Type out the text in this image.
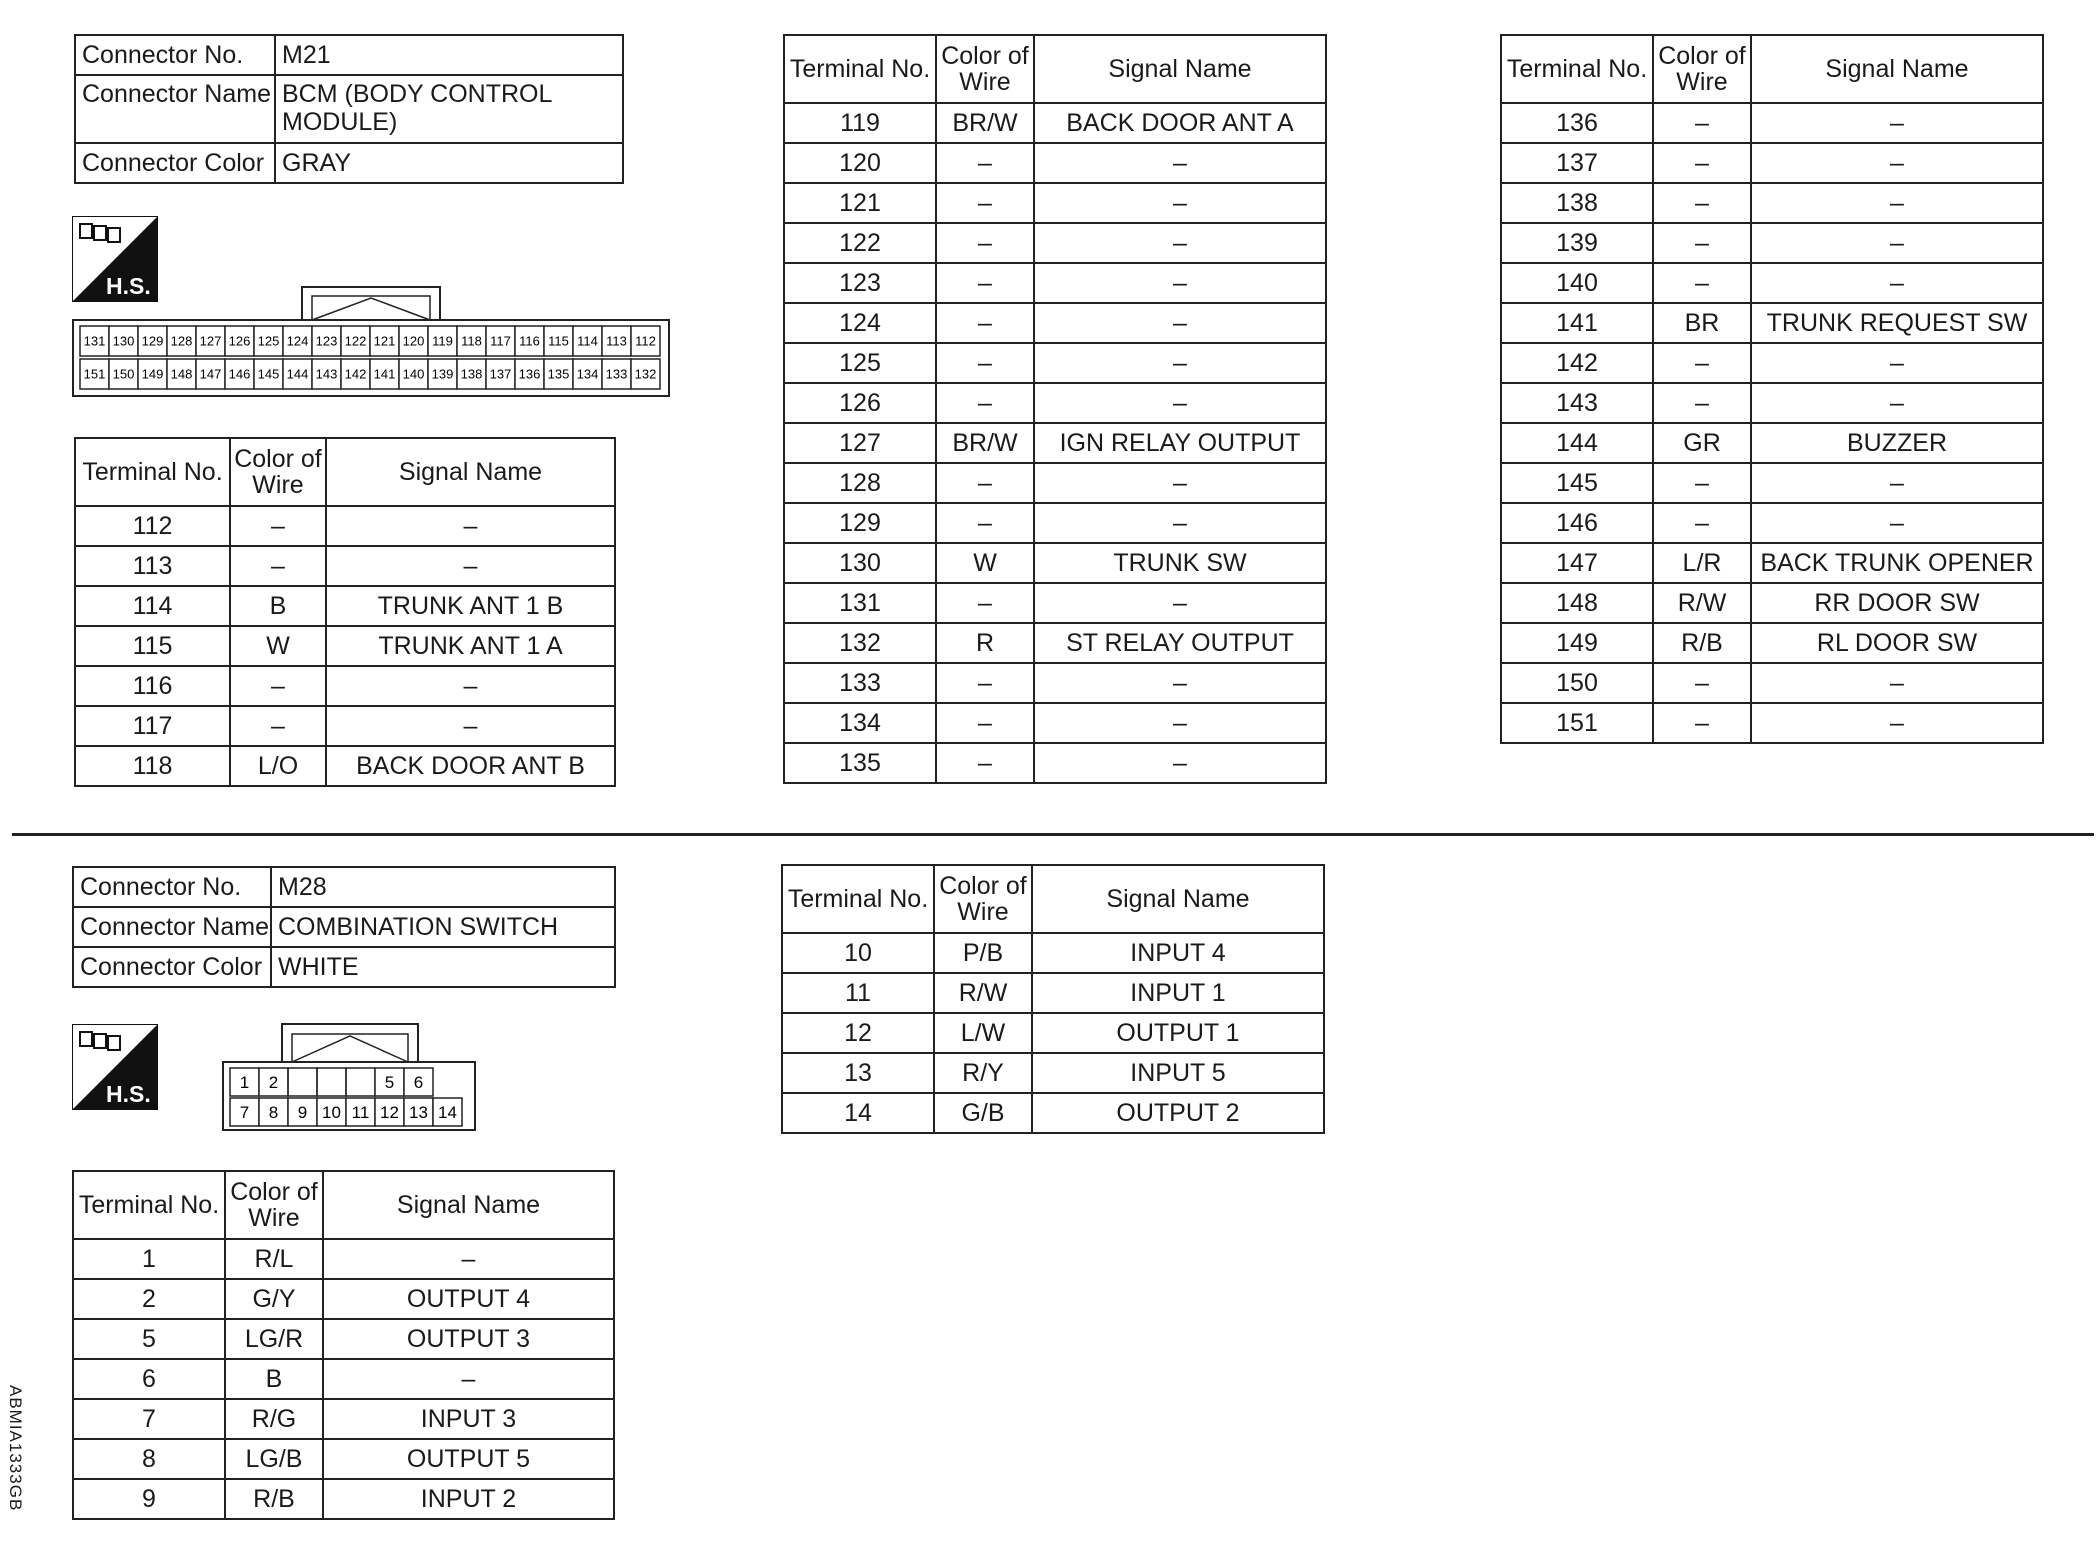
Connector No.	M21
Connector Name	BCM (BODY CONTROL MODULE)
Connector Color	GRAY
H.S.
131 130 129 128 127 126 125 124 123 122 121 120 119 118 117 116 115 114 113 112
151 150 149 148 147 146 145 144 143 142 141 140 139 138 137 136 135 134 133 132
Terminal No.	Color of Wire	Signal Name
112	–	–
113	–	–
114	B	TRUNK ANT 1 B
115	W	TRUNK ANT 1 A
116	–	–
117	–	–
118	L/O	BACK DOOR ANT B
Terminal No.	Color of Wire	Signal Name
119	BR/W	BACK DOOR ANT A
120	–	–
121	–	–
122	–	–
123	–	–
124	–	–
125	–	–
126	–	–
127	BR/W	IGN RELAY OUTPUT
128	–	–
129	–	–
130	W	TRUNK SW
131	–	–
132	R	ST RELAY OUTPUT
133	–	–
134	–	–
135	–	–
Terminal No.	Color of Wire	Signal Name
136	–	–
137	–	–
138	–	–
139	–	–
140	–	–
141	BR	TRUNK REQUEST SW
142	–	–
143	–	–
144	GR	BUZZER
145	–	–
146	–	–
147	L/R	BACK TRUNK OPENER
148	R/W	RR DOOR SW
149	R/B	RL DOOR SW
150	–	–
151	–	–
Connector No.	M28
Connector Name	COMBINATION SWITCH
Connector Color	WHITE
H.S.	1 2	5 6
7 8 9 10 11 12 13 14
Terminal No.	Color of Wire	Signal Name
1	R/L	–
2	G/Y	OUTPUT 4
5	LG/R	OUTPUT 3
6	B	–
7	R/G	INPUT 3
8	LG/B	OUTPUT 5
9	R/B	INPUT 2
Terminal No.	Color of Wire	Signal Name
10	P/B	INPUT 4
11	R/W	INPUT 1
12	L/W	OUTPUT 1
13	R/Y	INPUT 5
14	G/B	OUTPUT 2
ABMIA1333GB
